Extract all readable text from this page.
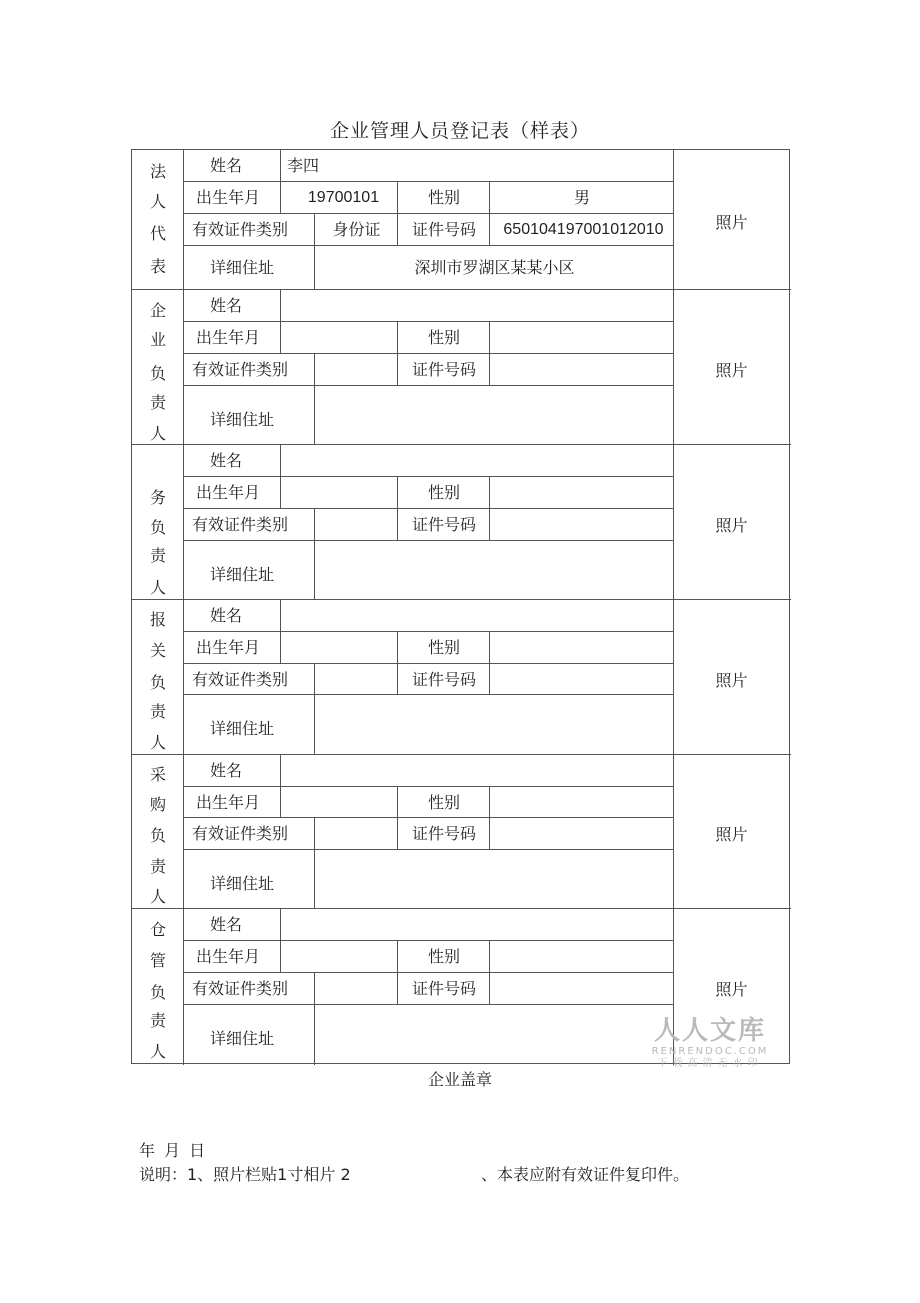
企业管理人员登记表（样表）
法
人
代
表
姓名	李四
出生年月	19700101	性别	男
有效证件类别	身份证	证件号码	650104197001012010
详细住址	深圳市罗湖区某某小区
照片
企
业
负
责
人
姓名
出生年月	性别
有效证件类别	证件号码
详细住址
照片
务
负
责
人
姓名
出生年月	性别
有效证件类别	证件号码
详细住址
照片
报
关
负
责
人
姓名
出生年月	性别
有效证件类别	证件号码
详细住址
照片
采
购
负
责
人
姓名
出生年月	性别
有效证件类别	证件号码
详细住址
照片
仓
管
负
责
人
姓名
出生年月	性别
有效证件类别	证件号码
详细住址
照片
企业盖章
年 月 日
说明：1、照片栏贴1寸相片 2	、本表应附有效证件复印件。
人人文库
RENRENDOC.COM
下载高清无水印
